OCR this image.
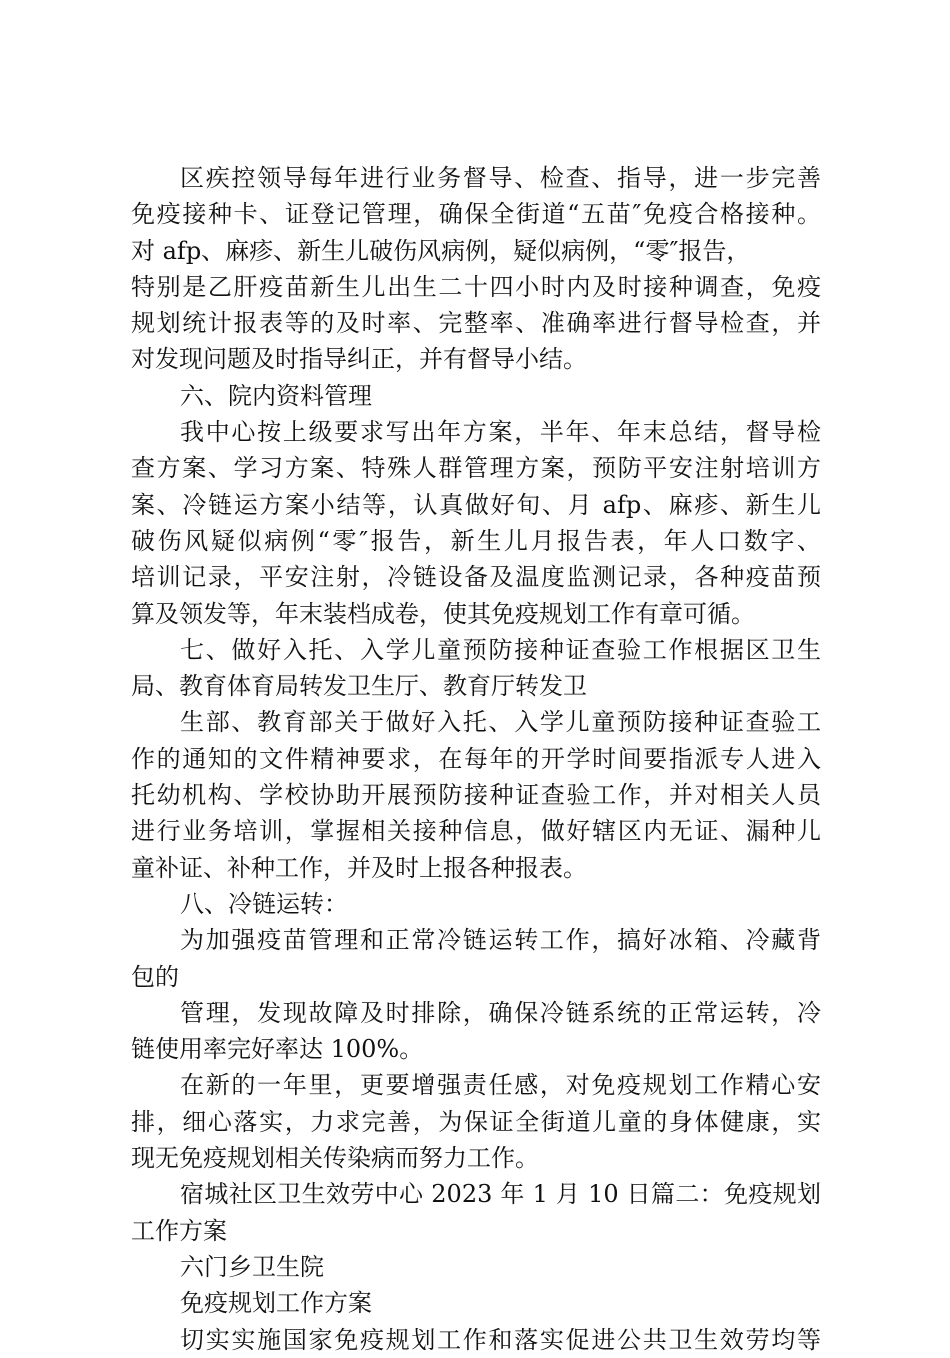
区疾控领导每年进行业务督导、检查、指导，进一步完善
免疫接种卡、证登记管理，确保全街道“五苗″免疫合格接种。
对 afp、麻疹、新生儿破伤风病例，疑似病例，“零″报告，
特别是乙肝疫苗新生儿出生二十四小时内及时接种调查，免疫
规划统计报表等的及时率、完整率、准确率进行督导检查，并
对发现问题及时指导纠正，并有督导小结。
六、院内资料管理
我中心按上级要求写出年方案，半年、年末总结，督导检
查方案、学习方案、特殊人群管理方案，预防平安注射培训方
案、冷链运方案小结等，认真做好旬、月 afp、麻疹、新生儿
破伤风疑似病例“零″报告，新生儿月报告表，年人口数字、
培训记录，平安注射，冷链设备及温度监测记录，各种疫苗预
算及领发等，年末装档成卷，使其免疫规划工作有章可循。
七、做好入托、入学儿童预防接种证查验工作根据区卫生
局、教育体育局转发卫生厅、教育厅转发卫
生部、教育部关于做好入托、入学儿童预防接种证查验工
作的通知的文件精神要求，在每年的开学时间要指派专人进入
托幼机构、学校协助开展预防接种证查验工作，并对相关人员
进行业务培训，掌握相关接种信息，做好辖区内无证、漏种儿
童补证、补种工作，并及时上报各种报表。
八、冷链运转：
为加强疫苗管理和正常冷链运转工作，搞好冰箱、冷藏背
包的
管理，发现故障及时排除，确保冷链系统的正常运转，冷
链使用率完好率达 100%。
在新的一年里，更要增强责任感，对免疫规划工作精心安
排，细心落实，力求完善，为保证全街道儿童的身体健康，实
现无免疫规划相关传染病而努力工作。
宿城社区卫生效劳中心 2023 年 1 月 10 日篇二：免疫规划
工作方案
六门乡卫生院
免疫规划工作方案
切实实施国家免疫规划工作和落实促进公共卫生效劳均等
